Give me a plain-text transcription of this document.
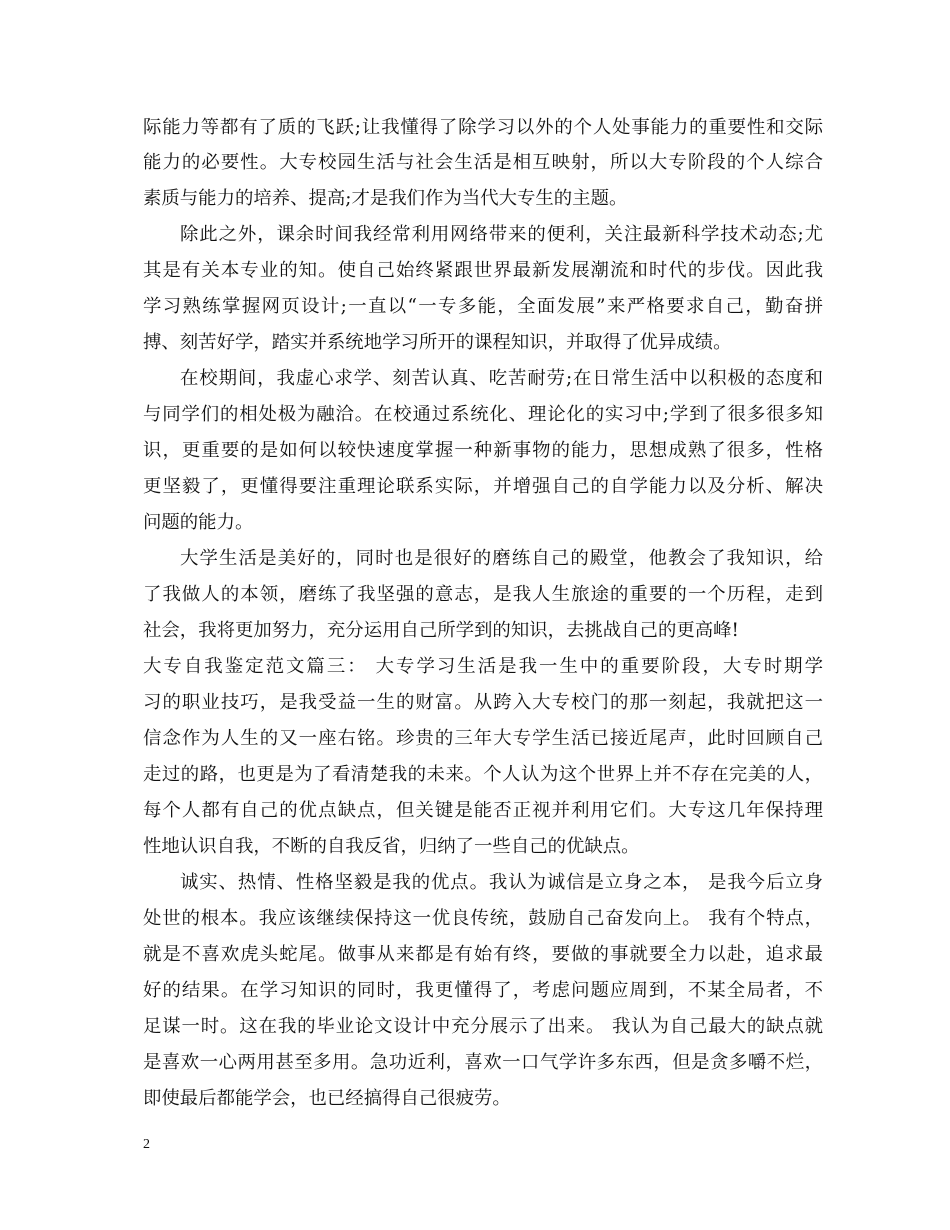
际能力等都有了质的飞跃;让我懂得了除学习以外的个人处事能力的重要性和交际
能力的必要性。大专校园生活与社会生活是相互映射，所以大专阶段的个人综合
素质与能力的培养、提高;才是我们作为当代大专生的主题。
除此之外，课余时间我经常利用网络带来的便利，关注最新科学技术动态;尤
其是有关本专业的知。使自己始终紧跟世界最新发展潮流和时代的步伐。因此我
学习熟练掌握网页设计;一直以“一专多能，全面发展”来严格要求自己，勤奋拼
搏、刻苦好学，踏实并系统地学习所开的课程知识，并取得了优异成绩。
在校期间，我虚心求学、刻苦认真、吃苦耐劳;在日常生活中以积极的态度和
与同学们的相处极为融洽。在校通过系统化、理论化的实习中;学到了很多很多知
识，更重要的是如何以较快速度掌握一种新事物的能力，思想成熟了很多，性格
更坚毅了，更懂得要注重理论联系实际，并增强自己的自学能力以及分析、解决
问题的能力。
大学生活是美好的，同时也是很好的磨练自己的殿堂，他教会了我知识，给
了我做人的本领，磨练了我坚强的意志，是我人生旅途的重要的一个历程，走到
社会，我将更加努力，充分运用自己所学到的知识，去挑战自己的更高峰!
大专自我鉴定范文篇三： 大专学习生活是我一生中的重要阶段，大专时期学
习的职业技巧，是我受益一生的财富。从跨入大专校门的那一刻起，我就把这一
信念作为人生的又一座右铭。珍贵的三年大专学生活已接近尾声，此时回顾自己
走过的路，也更是为了看清楚我的未来。个人认为这个世界上并不存在完美的人，
每个人都有自己的优点缺点，但关键是能否正视并利用它们。大专这几年保持理
性地认识自我，不断的自我反省，归纳了一些自己的优缺点。
诚实、热情、性格坚毅是我的优点。我认为诚信是立身之本， 是我今后立身
处世的根本。我应该继续保持这一优良传统，鼓励自己奋发向上。 我有个特点，
就是不喜欢虎头蛇尾。做事从来都是有始有终，要做的事就要全力以赴，追求最
好的结果。在学习知识的同时，我更懂得了，考虑问题应周到，不某全局者，不
足谋一时。这在我的毕业论文设计中充分展示了出来。 我认为自己最大的缺点就
是喜欢一心两用甚至多用。急功近利，喜欢一口气学许多东西，但是贪多嚼不烂，
即使最后都能学会，也已经搞得自己很疲劳。
2
